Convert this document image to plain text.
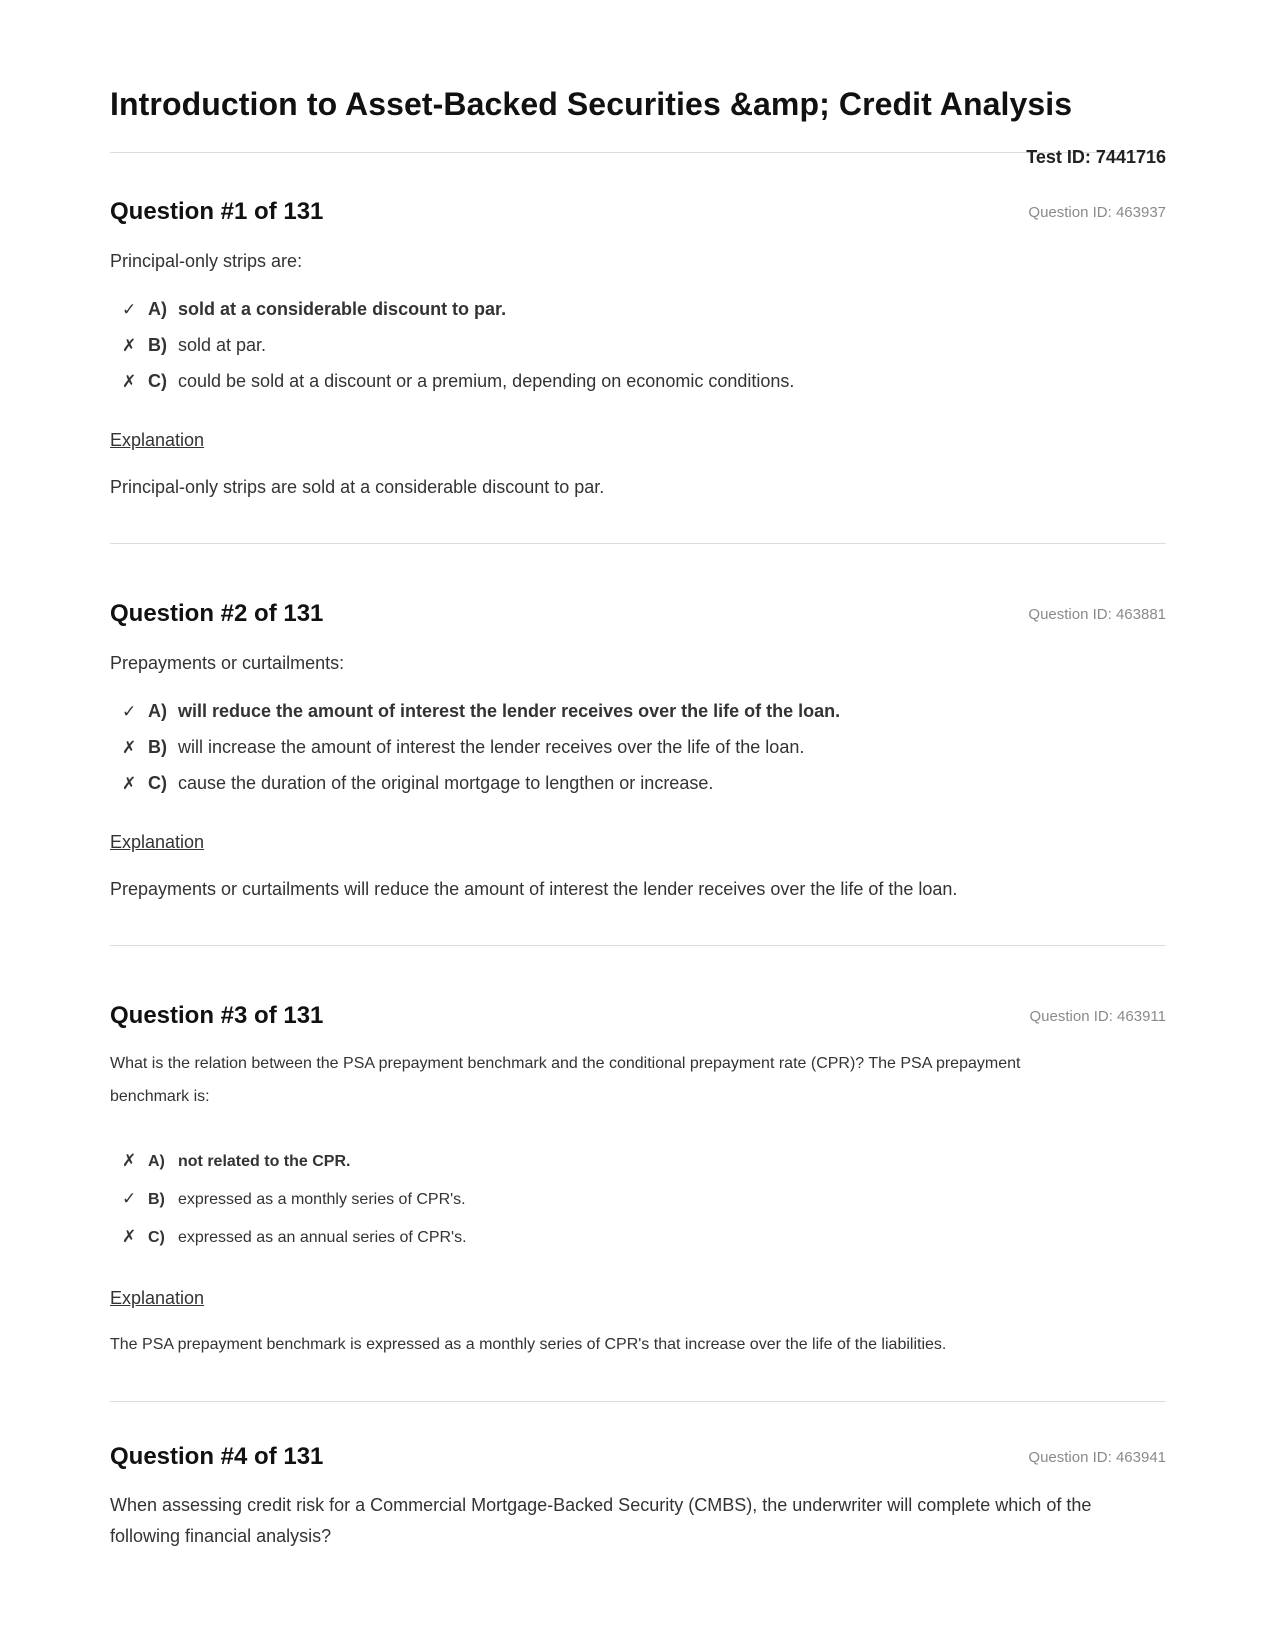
Introduction to Asset-Backed Securities &amp; Credit Analysis
Test ID: 7441716
Question #1 of 131	Question ID: 463937
Principal-only strips are:
✓ A) sold at a considerable discount to par.
✗ B) sold at par.
✗ C) could be sold at a discount or a premium, depending on economic conditions.
Explanation
Principal-only strips are sold at a considerable discount to par.
Question #2 of 131	Question ID: 463881
Prepayments or curtailments:
✓ A) will reduce the amount of interest the lender receives over the life of the loan.
✗ B) will increase the amount of interest the lender receives over the life of the loan.
✗ C) cause the duration of the original mortgage to lengthen or increase.
Explanation
Prepayments or curtailments will reduce the amount of interest the lender receives over the life of the loan.
Question #3 of 131	Question ID: 463911
What is the relation between the PSA prepayment benchmark and the conditional prepayment rate (CPR)? The PSA prepayment benchmark is:
✗ A) not related to the CPR.
✓ B) expressed as a monthly series of CPR's.
✗ C) expressed as an annual series of CPR's.
Explanation
The PSA prepayment benchmark is expressed as a monthly series of CPR's that increase over the life of the liabilities.
Question #4 of 131	Question ID: 463941
When assessing credit risk for a Commercial Mortgage-Backed Security (CMBS), the underwriter will complete which of the following financial analysis?
